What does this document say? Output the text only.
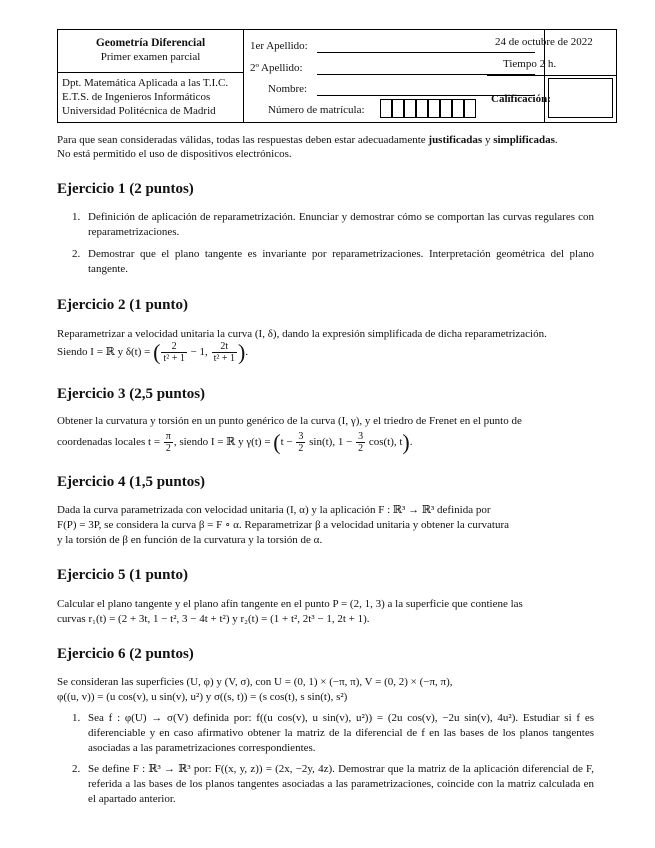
Geometría Diferencial
Primer examen parcial
Dpt. Matemática Aplicada a las T.I.C.
E.T.S. de Ingenieros Informáticos
Universidad Politécnica de Madrid
1er Apellido:
2º Apellido:
Nombre:
Número de matrícula:
24 de octubre de 2022
Tiempo 2 h.
Calificación:
Para que sean consideradas válidas, todas las respuestas deben estar adecuadamente justificadas y simplificadas.
No está permitido el uso de dispositivos electrónicos.
Ejercicio 1 (2 puntos)
1. Definición de aplicación de reparametrización. Enunciar y demostrar cómo se comportan las curvas regulares con reparametrizaciones.
2. Demostrar que el plano tangente es invariante por reparametrizaciones. Interpretación geométrica del plano tangente.
Ejercicio 2 (1 punto)
Reparametrizar a velocidad unitaria la curva (I, δ), dando la expresión simplificada de dicha reparametrización.
Siendo I = ℝ y δ(t) = ( $\frac{2}{\text{t² + 1}} - 1$, $\frac{2t}{\text{t² + 1}}$ ).
Ejercicio 3 (2,5 puntos)
Obtener la curvatura y torsión en un punto genérico de la curva (I, γ), y el triedro de Frenet en el punto de
coordenadas locales $t = \frac{\pi}{2}$ , siendo I = ℝ y $\gamma(t) = (t - \frac{3}{2} \sin(t)$, $1 - \frac{3}{2} \cos(t)$, t).
Ejercicio 4 (1,5 puntos)
Dada la curva parametrizada con velocidad unitaria (I, α) y la aplicación F : ℝ³ → ℝ³ definida por
F(P) = 3P, se considera la curva β = F ∘ α. Reparametrizar β a velocidad unitaria y obtener la curvatura
y la torsión de β en función de la curvatura y la torsión de α.
Ejercicio 5 (1 punto)
Calcular el plano tangente y el plano afín tangente en el punto P = (2, 1, 3) a la superficie que contiene las
curvas r₁(t) = (2 + 3t, 1 − t², 3 − 4t + t²) y r₂(t) = (1 + t², 2t³ − 1, 2t + 1).
Ejercicio 6 (2 puntos)
Se consideran las superficies (U, φ) y (V, σ), con U = (0, 1) × (−π, π), V = (0, 2) × (−π, π),
φ((u, v)) = (u cos(v), u sin(v), u²) y σ((s, t)) = (s cos(t), s sin(t), s²)
1. Sea f : φ(U) → σ(V) definida por: f((u cos(v), u sin(v), u²)) = (2u cos(v), −2u sin(v), 4u²). Estudiar si f es diferenciable y en caso afirmativo obtener la matriz de la diferencial de f en las bases de los planos tangentes asociadas a las parametrizaciones correspondientes.
2. Se define F : ℝ³ → ℝ³ por: F((x, y, z)) = (2x, −2y, 4z). Demostrar que la matriz de la aplicación diferencial de F, referida a las bases de los planos tangentes asociadas a las parametrizaciones, coincide con la matriz calculada en el apartado anterior.
